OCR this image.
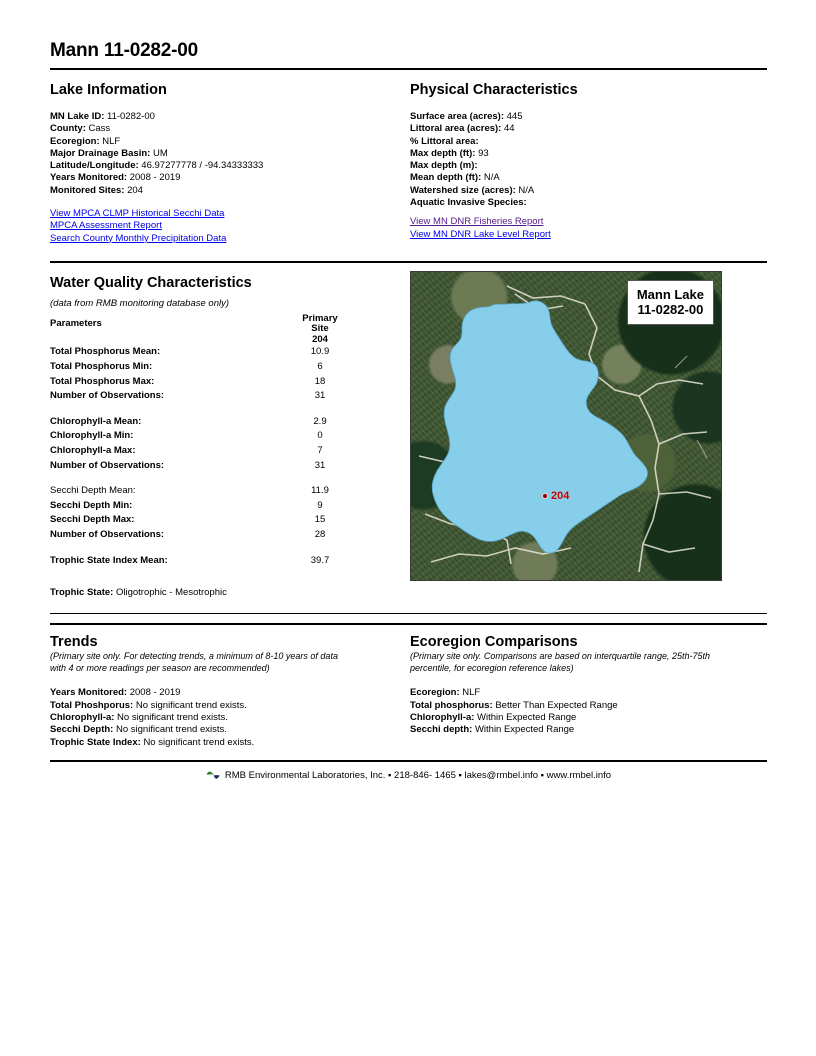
Mann 11-0282-00
Lake Information
MN Lake ID: 11-0282-00
County: Cass
Ecoregion: NLF
Major Drainage Basin: UM
Latitude/Longitude: 46.97277778 / -94.34333333
Years Monitored: 2008 - 2019
Monitored Sites: 204
View MPCA CLMP Historical Secchi Data
MPCA Assessment Report
Search County Monthly Precipitation Data
Physical Characteristics
Surface area (acres): 445
Littoral area (acres): 44
% Littoral area:
Max depth (ft): 93
Max depth (m):
Mean depth (ft): N/A
Watershed size (acres): N/A
Aquatic Invasive Species:
View MN DNR Fisheries Report
View MN DNR Lake Level Report
Water Quality Characteristics
(data from RMB monitoring database only)
Parameters	Primary
Site
204

Total Phosphorus Mean:	10.9
Total Phosphorus Min:	6
Total Phosphorus Max:	18
Number of Observations:	31

Chlorophyll-a Mean:	2.9
Chlorophyll-a Min:	0
Chlorophyll-a Max:	7
Number of Observations:	31

Secchi Depth Mean:	11.9
Secchi Depth Min:	9
Secchi Depth Max:	15
Number of Observations:	28

Trophic State Index Mean:	39.7
Trophic State: Oligotrophic - Mesotrophic
Mann Lake
11-0282-00
204
Trends
(Primary site only. For detecting trends, a minimum of 8-10 years of data
with 4 or more readings per season are recommended)
Years Monitored: 2008 - 2019
Total Phoshporus: No significant trend exists.
Chlorophyll-a: No significant trend exists.
Secchi Depth: No significant trend exists.
Trophic State Index: No significant trend exists.
Ecoregion Comparisons
(Primary site only. Comparisons are based on interquartile range, 25th-75th
percentile, for ecoregion reference lakes)
Ecoregion: NLF
Total phosphorus: Better Than Expected Range
Chlorophyll-a: Within Expected Range
Secchi depth: Within Expected Range
RMB Environmental Laboratories, Inc. ▪ 218-846- 1465 ▪ lakes@rmbel.info ▪ www.rmbel.info
